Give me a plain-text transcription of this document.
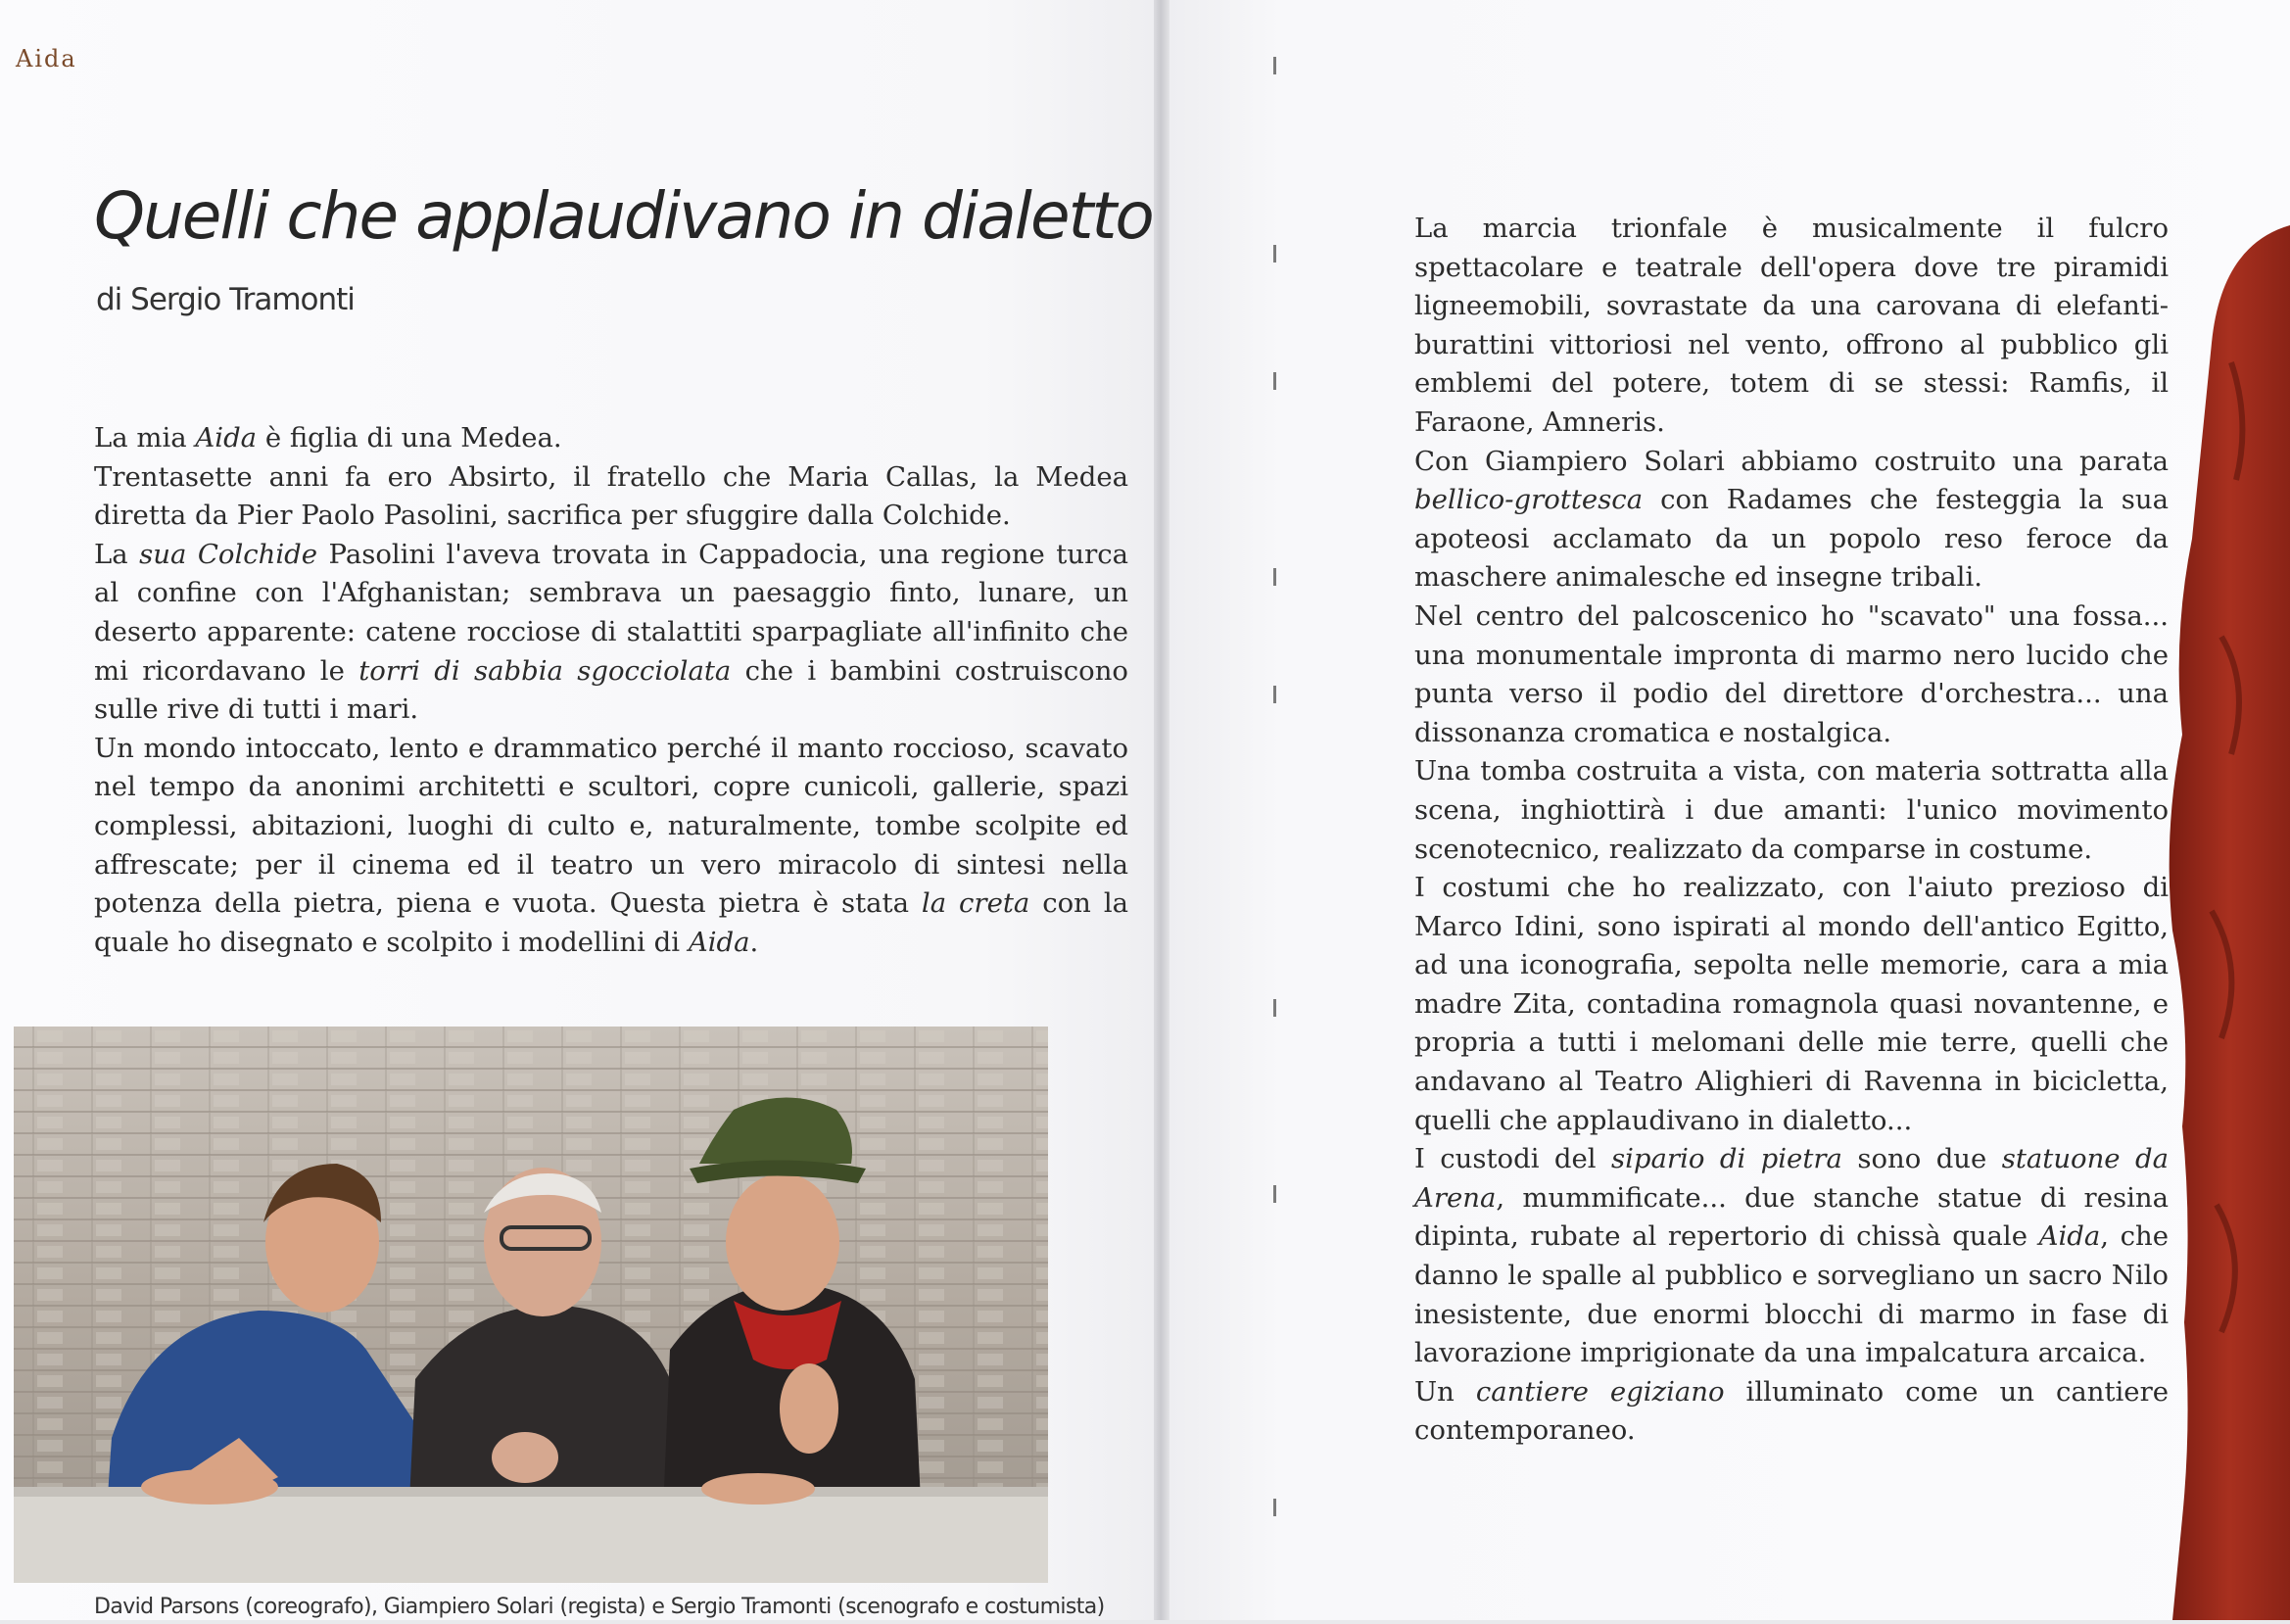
Aida
Quelli che applaudivano in dialetto
di Sergio Tramonti

La mia Aida è figlia di una Medea.

Trentasette anni fa ero Absirto, il fratello che Maria Callas, la Medea diretta da Pier Paolo Pasolini, sacrifica per sfuggire dalla Colchide.

La sua Colchide Pasolini l'aveva trovata in Cappadocia, una regione turca al confine con l'Afghanistan; sembrava un paesaggio finto, lunare, un deserto apparente: catene rocciose di stalattiti sparpagliate all'infinito che mi ricordavano le torri di sabbia sgocciolata che i bambini costruiscono sulle rive di tutti i mari.

Un mondo intoccato, lento e drammatico perché il manto roccioso, scavato nel tempo da anonimi architetti e scultori, copre cunicoli, gallerie, spazi complessi, abitazioni, luoghi di culto e, naturalmente, tombe scolpite ed affrescate; per il cinema ed il teatro un vero miracolo di sintesi nella potenza della pietra, piena e vuota. Questa pietra è stata la creta con la quale ho disegnato e scolpito i modellini di Aida.

David Parsons (coreografo), Giampiero Solari (regista) e Sergio Tramonti (scenografo e costumista)

La marcia trionfale è musicalmente il fulcro spettacolare e teatrale dell'opera dove tre piramidi ligneemobili, sovrastate da una carovana di elefanti-burattini vittoriosi nel vento, offrono al pubblico gli emblemi del potere, totem di se stessi: Ramfis, il Faraone, Amneris.

Con Giampiero Solari abbiamo costruito una parata bellico-grottesca con Radames che festeggia la sua apoteosi acclamato da un popolo reso feroce da maschere animalesche ed insegne tribali.

Nel centro del palcoscenico ho "scavato" una fossa... una monumentale impronta di marmo nero lucido che punta verso il podio del direttore d'orchestra... una dissonanza cromatica e nostalgica.

Una tomba costruita a vista, con materia sottratta alla scena, inghiottirà i due amanti: l'unico movimento scenotecnico, realizzato da comparse in costume.

I costumi che ho realizzato, con l'aiuto prezioso di Marco Idini, sono ispirati al mondo dell'antico Egitto, ad una iconografia, sepolta nelle memorie, cara a mia madre Zita, contadina romagnola quasi novantenne, e propria a tutti i melomani delle mie terre, quelli che andavano al Teatro Alighieri di Ravenna in bicicletta, quelli che applaudivano in dialetto...

I custodi del sipario di pietra sono due statuone da Arena, mummificate... due stanche statue di resina dipinta, rubate al repertorio di chissà quale Aida, che danno le spalle al pubblico e sorvegliano un sacro Nilo inesistente, due enormi blocchi di marmo in fase di lavorazione imprigionate da una impalcatura arcaica.

Un cantiere egiziano illuminato come un cantiere contemporaneo.
